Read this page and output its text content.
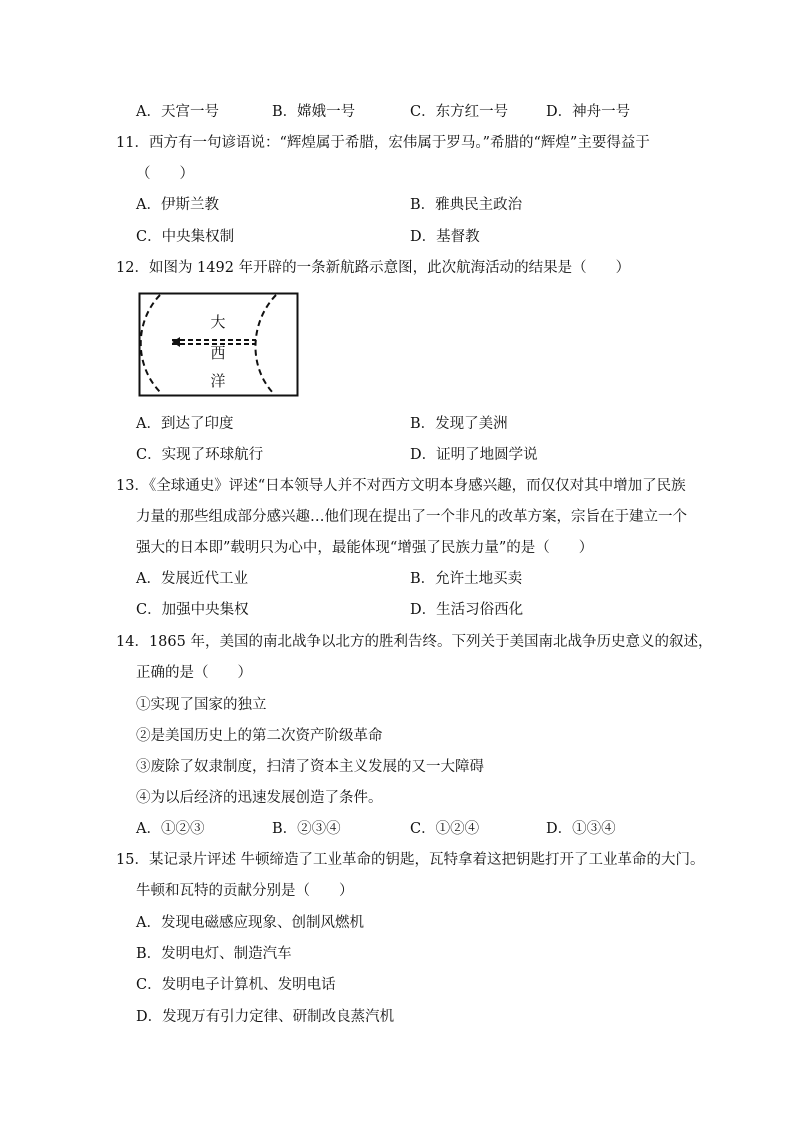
A．天宫一号	B．嫦娥一号	C．东方红一号	D．神舟一号
11．西方有一句谚语说：“辉煌属于希腊，宏伟属于罗马。”希腊的“辉煌”主要得益于
（　　）
A．伊斯兰教	B．雅典民主政治
C．中央集权制	D．基督教
12．如图为 1492 年开辟的一条新航路示意图，此次航海活动的结果是（　　）
大
西
洋
A．到达了印度	B．发现了美洲
C．实现了环球航行	D．证明了地圆学说
13．《全球通史》评述“日本领导人并不对西方文明本身感兴趣，而仅仅对其中增加了民族
力量的那些组成部分感兴趣…他们现在提出了一个非凡的改革方案，宗旨在于建立一个
强大的日本即”载明只为心中，最能体现“增强了民族力量”的是（　　）
A．发展近代工业	B．允许土地买卖
C．加强中央集权	D．生活习俗西化
14．1865 年，美国的南北战争以北方的胜利告终。下列关于美国南北战争历史意义的叙述，
正确的是（　　）
①实现了国家的独立
②是美国历史上的第二次资产阶级革命
③废除了奴隶制度，扫清了资本主义发展的又一大障碍
④为以后经济的迅速发展创造了条件。
A．①②③	B．②③④	C．①②④	D．①③④
15．某记录片评述 牛顿缔造了工业革命的钥匙，瓦特拿着这把钥匙打开了工业革命的大门。
牛顿和瓦特的贡献分别是（　　）
A．发现电磁感应现象、创制风燃机
B．发明电灯、制造汽车
C．发明电子计算机、发明电话
D．发现万有引力定律、研制改良蒸汽机
